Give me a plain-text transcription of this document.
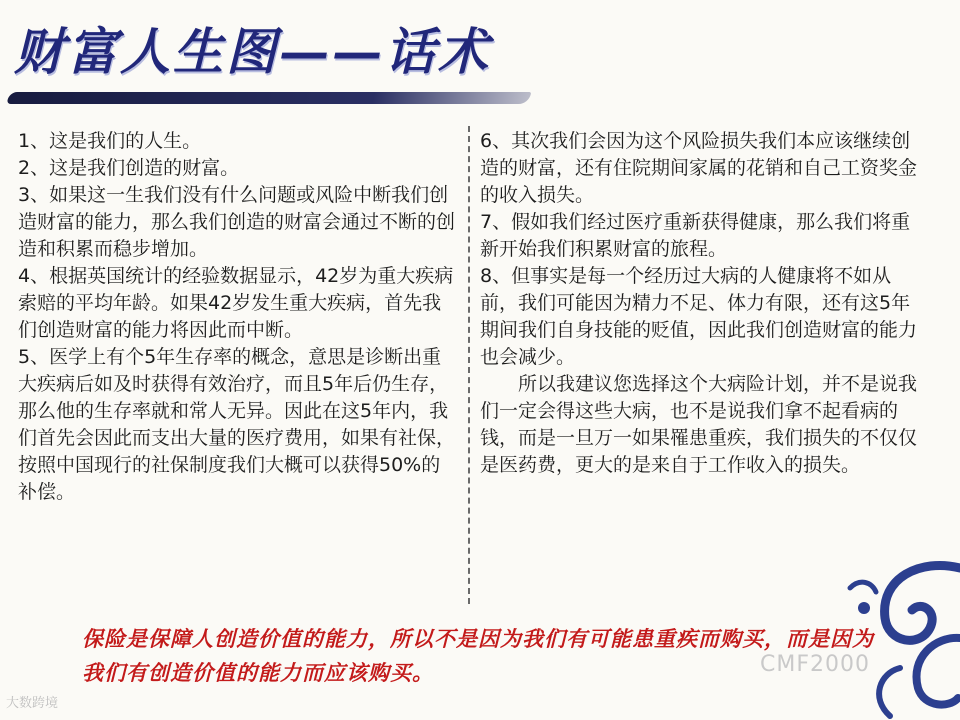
财富人生图——话术

1、这是我们的人生。

2、这是我们创造的财富。

3、如果这一生我们没有什么问题或风险中断我们创造财富的能力，那么我们创造的财富会通过不断的创造和积累而稳步增加。

4、根据英国统计的经验数据显示，42岁为重大疾病索赔的平均年龄。如果42岁发生重大疾病，首先我们创造财富的能力将因此而中断。

5、医学上有个5年生存率的概念，意思是诊断出重大疾病后如及时获得有效治疗，而且5年后仍生存，那么他的生存率就和常人无异。因此在这5年内，我们首先会因此而支出大量的医疗费用，如果有社保，按照中国现行的社保制度我们大概可以获得50%的补偿。

6、其次我们会因为这个风险损失我们本应该继续创造的财富，还有住院期间家属的花销和自己工资奖金的收入损失。

7、假如我们经过医疗重新获得健康，那么我们将重新开始我们积累财富的旅程。

8、但事实是每一个经历过大病的人健康将不如从前，我们可能因为精力不足、体力有限，还有这5年期间我们自身技能的贬值，因此我们创造财富的能力也会减少。

所以我建议您选择这个大病险计划，并不是说我们一定会得这些大病，也不是说我们拿不起看病的钱，而是一旦万一如果罹患重疾，我们损失的不仅仅是医药费，更大的是来自于工作收入的损失。

保险是保障人创造价值的能力，所以不是因为我们有可能患重疾而购买，而是因为我们有创造价值的能力而应该购买。
大数跨境
CMF2000
